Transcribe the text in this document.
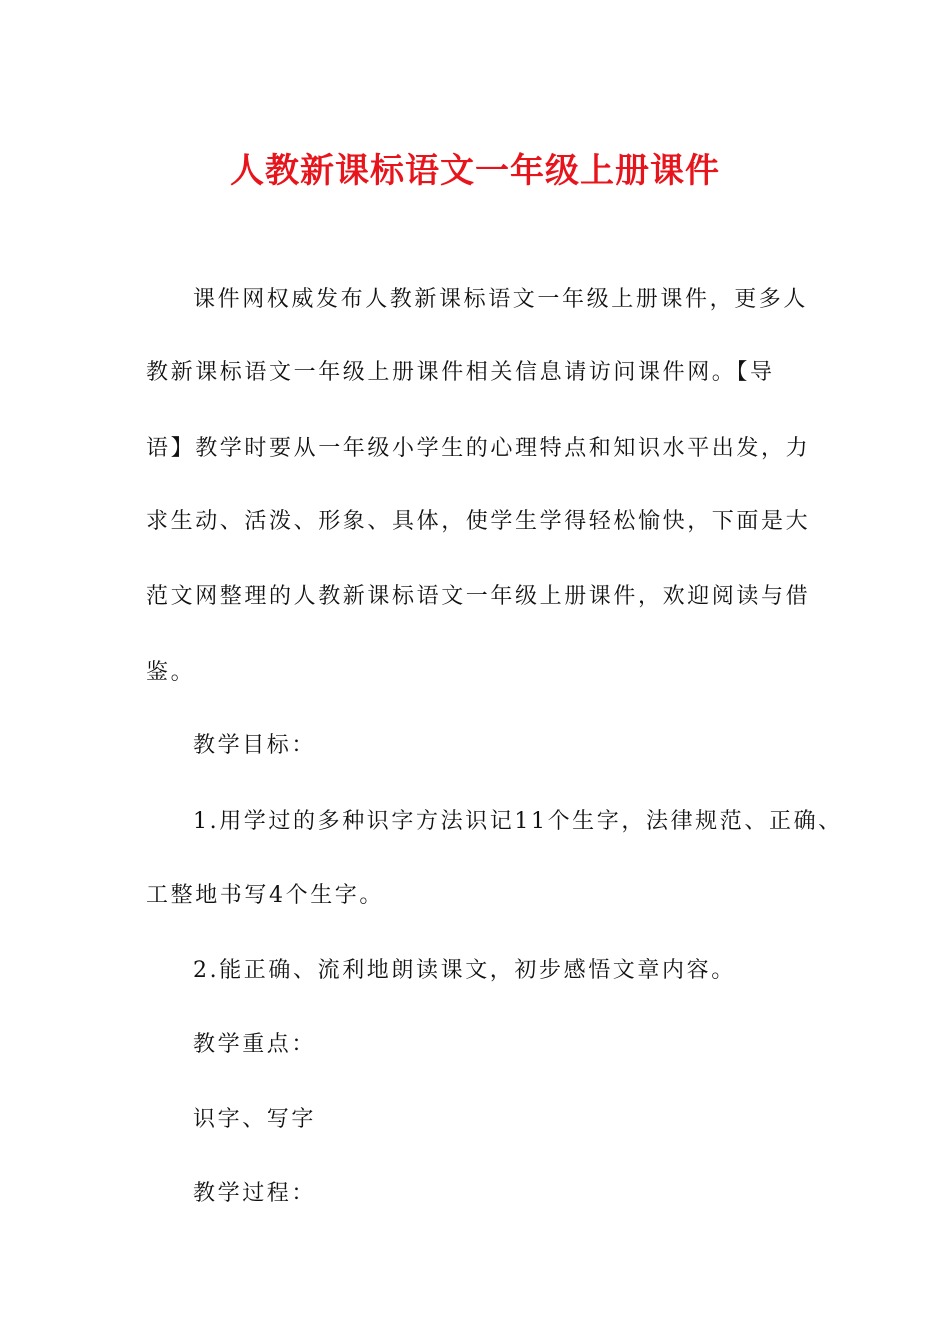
人教新课标语文一年级上册课件
课件网权威发布人教新课标语文一年级上册课件，更多人
教新课标语文一年级上册课件相关信息请访问课件网。【导
语】教学时要从一年级小学生的心理特点和知识水平出发，力
求生动、活泼、形象、具体，使学生学得轻松愉快，下面是大
范文网整理的人教新课标语文一年级上册课件，欢迎阅读与借
鉴。
教学目标：
1.用学过的多种识字方法识记11个生字，法律规范、正确、
工整地书写4个生字。
2.能正确、流利地朗读课文，初步感悟文章内容。
教学重点：
识字、写字
教学过程：
